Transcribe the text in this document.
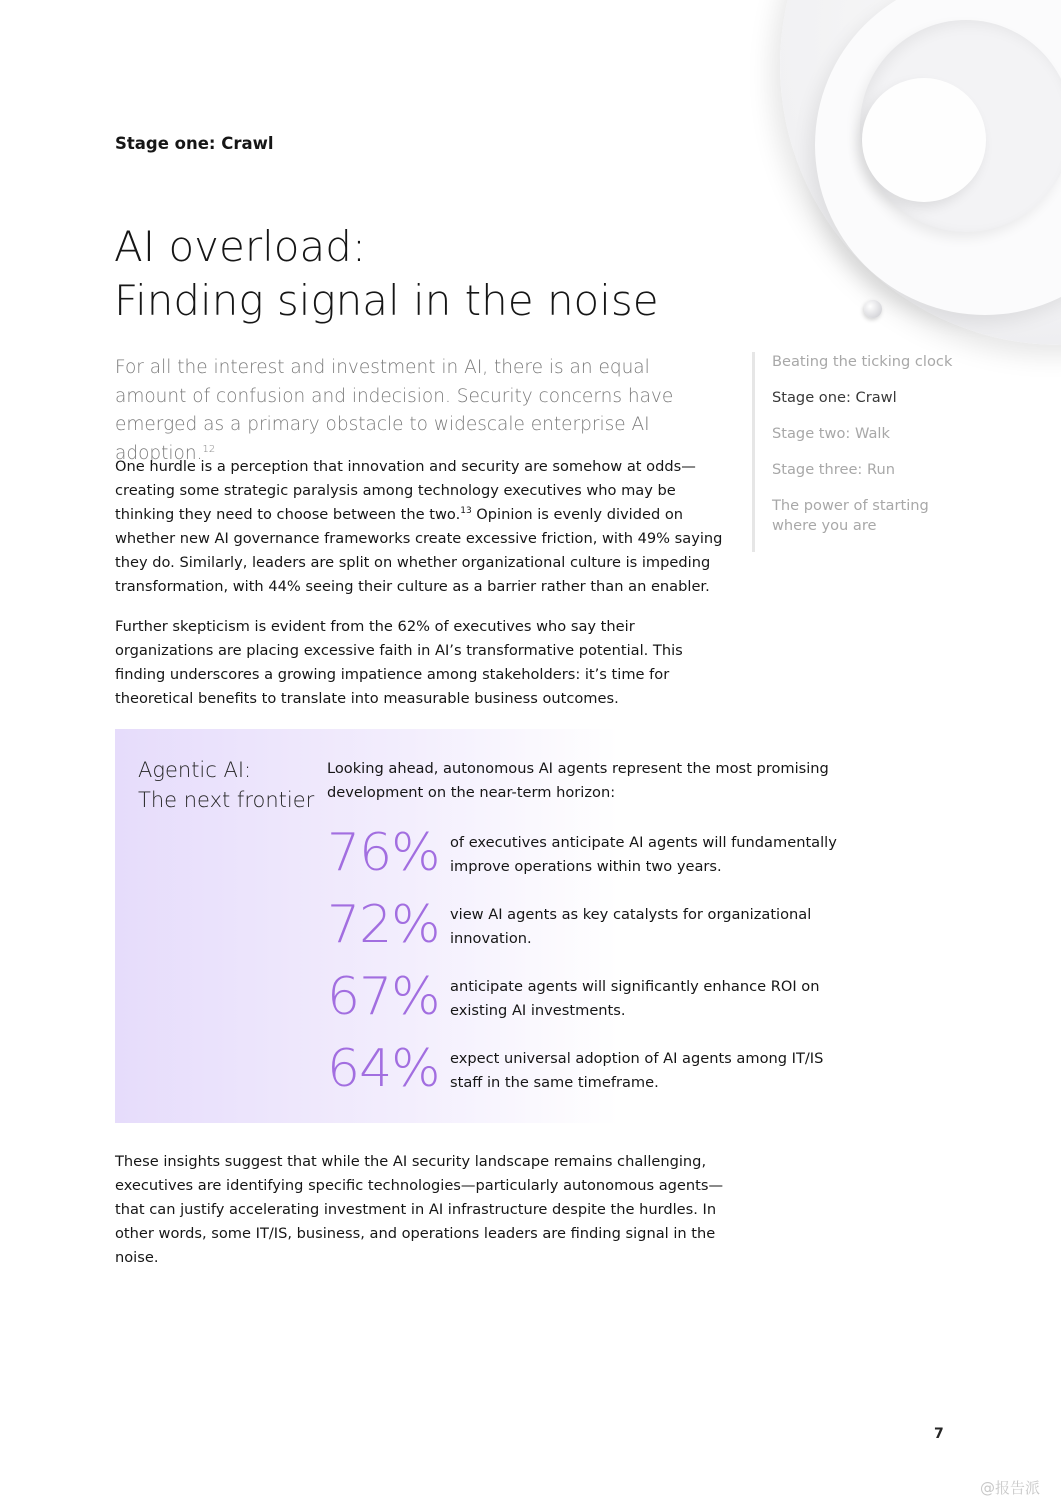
Stage one: Crawl
AI overload:
Finding signal in the noise

For all the interest and investment in AI, there is an equal amount of confusion and indecision. Security concerns have emerged as a primary obstacle to widescale enterprise AI adoption.$^{12}$

One hurdle is a perception that innovation and security are somehow at odds—creating some strategic paralysis among technology executives who may be thinking they need to choose between the two.$^{13}$ Opinion is evenly divided on whether new AI governance frameworks create excessive friction, with 49% saying they do. Similarly, leaders are split on whether organizational culture is impeding transformation, with 44% seeing their culture as a barrier rather than an enabler.

Further skepticism is evident from the 62% of executives who say their organizations are placing excessive faith in AI’s transformative potential. This finding underscores a growing impatience among stakeholders: it’s time for theoretical benefits to translate into measurable business outcomes.

Beating the ticking clock
Stage one: Crawl
Stage two: Walk
Stage three: Run
The power of starting where you are
Agentic AI:
The next frontier
Looking ahead, autonomous AI agents represent the most promising development on the near-term horizon:
76% of executives anticipate AI agents will fundamentally improve operations within two years.
72% view AI agents as key catalysts for organizational innovation.
67% anticipate agents will significantly enhance ROI on existing AI investments.
64% expect universal adoption of AI agents among IT/IS staff in the same timeframe.

These insights suggest that while the AI security landscape remains challenging, executives are identifying specific technologies—particularly autonomous agents—that can justify accelerating investment in AI infrastructure despite the hurdles. In other words, some IT/IS, business, and operations leaders are finding signal in the noise.

7
@报告派
